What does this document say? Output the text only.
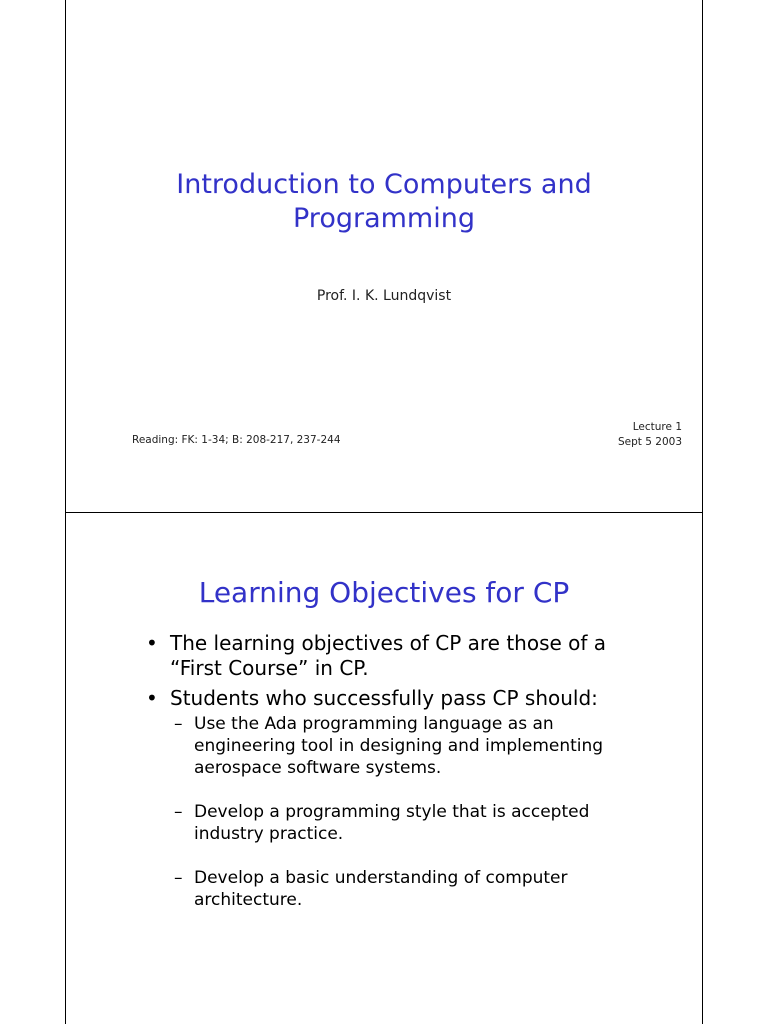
Introduction to Computers and
Programming
Prof. I. K. Lundqvist
Reading: FK: 1-34; B: 208-217, 237-244
Lecture 1
Sept 5 2003
Learning Objectives for CP
• The learning objectives of CP are those of a “First Course” in CP.
• Students who successfully pass CP should:
– Use the Ada programming language as an engineering tool in designing and implementing aerospace software systems.
– Develop a programming style that is accepted industry practice.
– Develop a basic understanding of computer architecture.
